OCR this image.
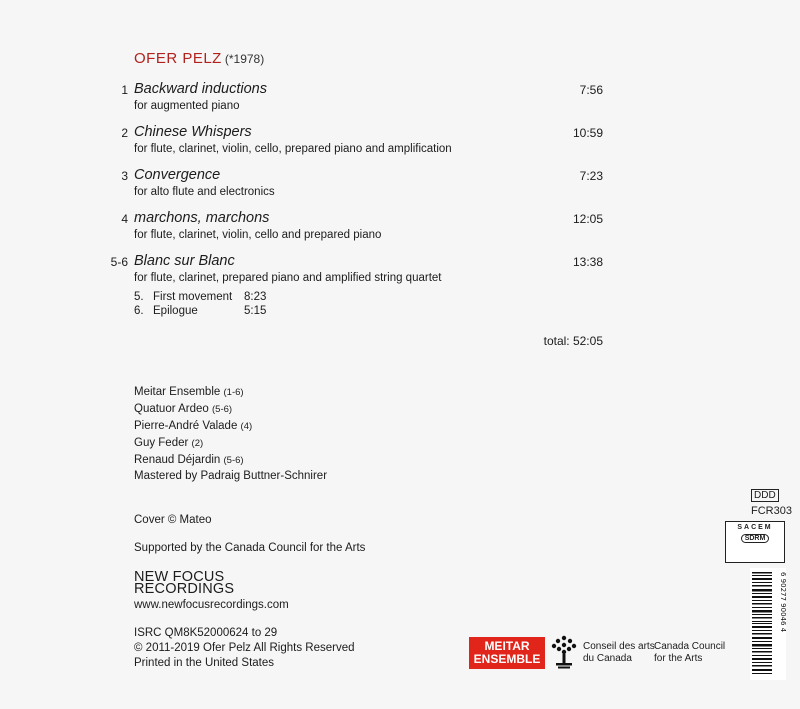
OFER PELZ (*1978)
1 Backward inductions
for augmented piano
7:56
2 Chinese Whispers
for flute, clarinet, violin, cello, prepared piano and amplification
10:59
3 Convergence
for alto flute and electronics
7:23
4 marchons, marchons
for flute, clarinet, violin, cello and prepared piano
12:05
5-6 Blanc sur Blanc
for flute, clarinet, prepared piano and amplified string quartet
13:38
5. First movement 8:23
6. Epilogue	5:15
total: 52:05
Meitar Ensemble (1-6)
Quatuor Ardeo (5-6)
Pierre-André Valade (4)
Guy Feder (2)
Renaud Déjardin (5-6)
Mastered by Padraig Buttner-Schnirer
Cover © Mateo
Supported by the Canada Council for the Arts
NEW FOCUS
RECORDINGS
www.newfocusrecordings.com
ISRC QM8K52000624 to 29
© 2011-2019 Ofer Pelz All Rights Reserved
Printed in the United States
DDD
FCR303
SACEM
SDRM
6 90277 90046 4
MEITAR
ENSEMBLE
Conseil des arts
du Canada
Canada Council
for the Arts
